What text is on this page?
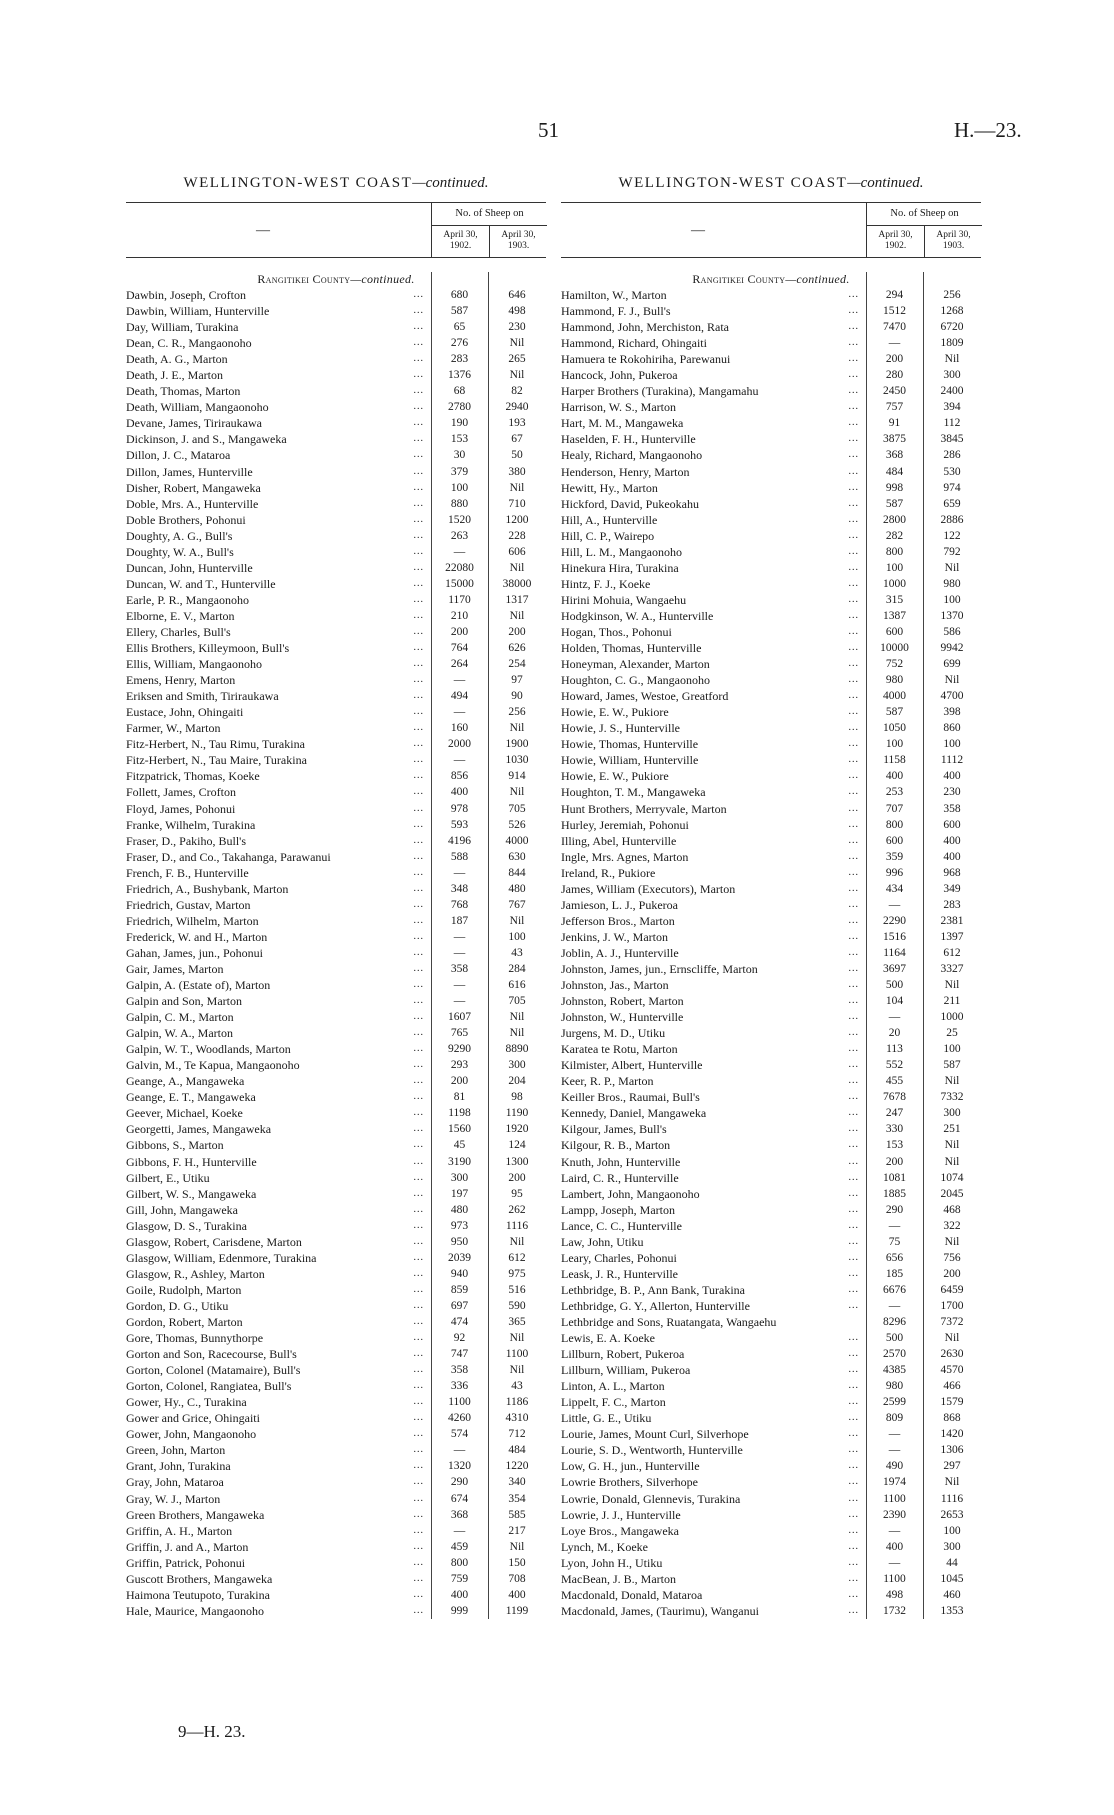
51	H.—23.
WELLINGTON-WEST COAST—continued.
—
No. of Sheep on
April 30, 1902.
April 30, 1903.
Rangitikei County—continued.
Dawbin, Joseph, Crofton	...	680	646
Dawbin, William, Hunterville	...	587	498
Day, William, Turakina	...	65	230
Dean, C. R., Mangaonoho	...	276	Nil
Death, A. G., Marton	...	283	265
Death, J. E., Marton	...	1376	Nil
Death, Thomas, Marton	...	68	82
Death, William, Mangaonoho	...	2780	2940
Devane, James, Tiriraukawa	...	190	193
Dickinson, J. and S., Mangaweka	...	153	67
Dillon, J. C., Mataroa	...	30	50
Dillon, James, Hunterville	...	379	380
Disher, Robert, Mangaweka	...	100	Nil
Doble, Mrs. A., Hunterville	...	880	710
Doble Brothers, Pohonui	...	1520	1200
Doughty, A. G., Bull's	...	263	228
Doughty, W. A., Bull's	...	—	606
Duncan, John, Hunterville	...	22080	Nil
Duncan, W. and T., Hunterville	...	15000	38000
Earle, P. R., Mangaonoho	...	1170	1317
Elborne, E. V., Marton	...	210	Nil
Ellery, Charles, Bull's	...	200	200
Ellis Brothers, Killeymoon, Bull's	...	764	626
Ellis, William, Mangaonoho	...	264	254
Emens, Henry, Marton	...	—	97
Eriksen and Smith, Tiriraukawa	...	494	90
Eustace, John, Ohingaiti	...	—	256
Farmer, W., Marton	...	160	Nil
Fitz-Herbert, N., Tau Rimu, Turakina	...	2000	1900
Fitz-Herbert, N., Tau Maire, Turakina	...	—	1030
Fitzpatrick, Thomas, Koeke	...	856	914
Follett, James, Crofton	...	400	Nil
Floyd, James, Pohonui	...	978	705
Franke, Wilhelm, Turakina	...	593	526
Fraser, D., Pakiho, Bull's	...	4196	4000
Fraser, D., and Co., Takahanga, Parawanui	...	588	630
French, F. B., Hunterville	...	—	844
Friedrich, A., Bushybank, Marton	...	348	480
Friedrich, Gustav, Marton	...	768	767
Friedrich, Wilhelm, Marton	...	187	Nil
Frederick, W. and H., Marton	...	—	100
Gahan, James, jun., Pohonui	...	—	43
Gair, James, Marton	...	358	284
Galpin, A. (Estate of), Marton	...	—	616
Galpin and Son, Marton	...	—	705
Galpin, C. M., Marton	...	1607	Nil
Galpin, W. A., Marton	...	765	Nil
Galpin, W. T., Woodlands, Marton	...	9290	8890
Galvin, M., Te Kapua, Mangaonoho	...	293	300
Geange, A., Mangaweka	...	200	204
Geange, E. T., Mangaweka	...	81	98
Geever, Michael, Koeke	...	1198	1190
Georgetti, James, Mangaweka	...	1560	1920
Gibbons, S., Marton	...	45	124
Gibbons, F. H., Hunterville	...	3190	1300
Gilbert, E., Utiku	...	300	200
Gilbert, W. S., Mangaweka	...	197	95
Gill, John, Mangaweka	...	480	262
Glasgow, D. S., Turakina	...	973	1116
Glasgow, Robert, Carisdene, Marton	...	950	Nil
Glasgow, William, Edenmore, Turakina	...	2039	612
Glasgow, R., Ashley, Marton	...	940	975
Goile, Rudolph, Marton	...	859	516
Gordon, D. G., Utiku	...	697	590
Gordon, Robert, Marton	...	474	365
Gore, Thomas, Bunnythorpe	...	92	Nil
Gorton and Son, Racecourse, Bull's	...	747	1100
Gorton, Colonel (Matamaire), Bull's	...	358	Nil
Gorton, Colonel, Rangiatea, Bull's	...	336	43
Gower, Hy., C., Turakina	...	1100	1186
Gower and Grice, Ohingaiti	...	4260	4310
Gower, John, Mangaonoho	...	574	712
Green, John, Marton	...	—	484
Grant, John, Turakina	...	1320	1220
Gray, John, Mataroa	...	290	340
Gray, W. J., Marton	...	674	354
Green Brothers, Mangaweka	...	368	585
Griffin, A. H., Marton	...	—	217
Griffin, J. and A., Marton	...	459	Nil
Griffin, Patrick, Pohonui	...	800	150
Guscott Brothers, Mangaweka	...	759	708
Haimona Teutupoto, Turakina	...	400	400
Hale, Maurice, Mangaonoho	...	999	1199
WELLINGTON-WEST COAST—continued.
—
No. of Sheep on
April 30, 1902.
April 30, 1903.
Rangitikei County—continued.
Hamilton, W., Marton	...	294	256
Hammond, F. J., Bull's	...	1512	1268
Hammond, John, Merchiston, Rata	...	7470	6720
Hammond, Richard, Ohingaiti	...	—	1809
Hamuera te Rokohiriha, Parewanui	...	200	Nil
Hancock, John, Pukeroa	...	280	300
Harper Brothers (Turakina), Mangamahu	...	2450	2400
Harrison, W. S., Marton	...	757	394
Hart, M. M., Mangaweka	...	91	112
Haselden, F. H., Hunterville	...	3875	3845
Healy, Richard, Mangaonoho	...	368	286
Henderson, Henry, Marton	...	484	530
Hewitt, Hy., Marton	...	998	974
Hickford, David, Pukeokahu	...	587	659
Hill, A., Hunterville	...	2800	2886
Hill, C. P., Wairepo	...	282	122
Hill, L. M., Mangaonoho	...	800	792
Hinekura Hira, Turakina	...	100	Nil
Hintz, F. J., Koeke	...	1000	980
Hirini Mohuia, Wangaehu	...	315	100
Hodgkinson, W. A., Hunterville	...	1387	1370
Hogan, Thos., Pohonui	...	600	586
Holden, Thomas, Hunterville	...	10000	9942
Honeyman, Alexander, Marton	...	752	699
Houghton, C. G., Mangaonoho	...	980	Nil
Howard, James, Westoe, Greatford	...	4000	4700
Howie, E. W., Pukiore	...	587	398
Howie, J. S., Hunterville	...	1050	860
Howie, Thomas, Hunterville	...	100	100
Howie, William, Hunterville	...	1158	1112
Howie, E. W., Pukiore	...	400	400
Houghton, T. M., Mangaweka	...	253	230
Hunt Brothers, Merryvale, Marton	...	707	358
Hurley, Jeremiah, Pohonui	...	800	600
Illing, Abel, Hunterville	...	600	400
Ingle, Mrs. Agnes, Marton	...	359	400
Ireland, R., Pukiore	...	996	968
James, William (Executors), Marton	...	434	349
Jamieson, L. J., Pukeroa	...	—	283
Jefferson Bros., Marton	...	2290	2381
Jenkins, J. W., Marton	...	1516	1397
Joblin, A. J., Hunterville	...	1164	612
Johnston, James, jun., Ernscliffe, Marton	...	3697	3327
Johnston, Jas., Marton	...	500	Nil
Johnston, Robert, Marton	...	104	211
Johnston, W., Hunterville	...	—	1000
Jurgens, M. D., Utiku	...	20	25
Karatea te Rotu, Marton	...	113	100
Kilmister, Albert, Hunterville	...	552	587
Keer, R. P., Marton	...	455	Nil
Keiller Bros., Raumai, Bull's	...	7678	7332
Kennedy, Daniel, Mangaweka	...	247	300
Kilgour, James, Bull's	...	330	251
Kilgour, R. B., Marton	...	153	Nil
Knuth, John, Hunterville	...	200	Nil
Laird, C. R., Hunterville	...	1081	1074
Lambert, John, Mangaonoho	...	1885	2045
Lampp, Joseph, Marton	...	290	468
Lance, C. C., Hunterville	...	—	322
Law, John, Utiku	...	75	Nil
Leary, Charles, Pohonui	...	656	756
Leask, J. R., Hunterville	...	185	200
Lethbridge, B. P., Ann Bank, Turakina	...	6676	6459
Lethbridge, G. Y., Allerton, Hunterville	...	—	1700
Lethbridge and Sons, Ruatangata, Wangaehu	8296	7372
Lewis, E. A. Koeke	...	500	Nil
Lillburn, Robert, Pukeroa	...	2570	2630
Lillburn, William, Pukeroa	...	4385	4570
Linton, A. L., Marton	...	980	466
Lippelt, F. C., Marton	...	2599	1579
Little, G. E., Utiku	...	809	868
Lourie, James, Mount Curl, Silverhope	...	—	1420
Lourie, S. D., Wentworth, Hunterville	...	—	1306
Low, G. H., jun., Hunterville	...	490	297
Lowrie Brothers, Silverhope	...	1974	Nil
Lowrie, Donald, Glennevis, Turakina	...	1100	1116
Lowrie, J. J., Hunterville	...	2390	2653
Loye Bros., Mangaweka	...	—	100
Lynch, M., Koeke	...	400	300
Lyon, John H., Utiku	...	—	44
MacBean, J. B., Marton	...	1100	1045
Macdonald, Donald, Mataroa	...	498	460
Macdonald, James, (Taurimu), Wanganui	...	1732	1353
9—H. 23.
